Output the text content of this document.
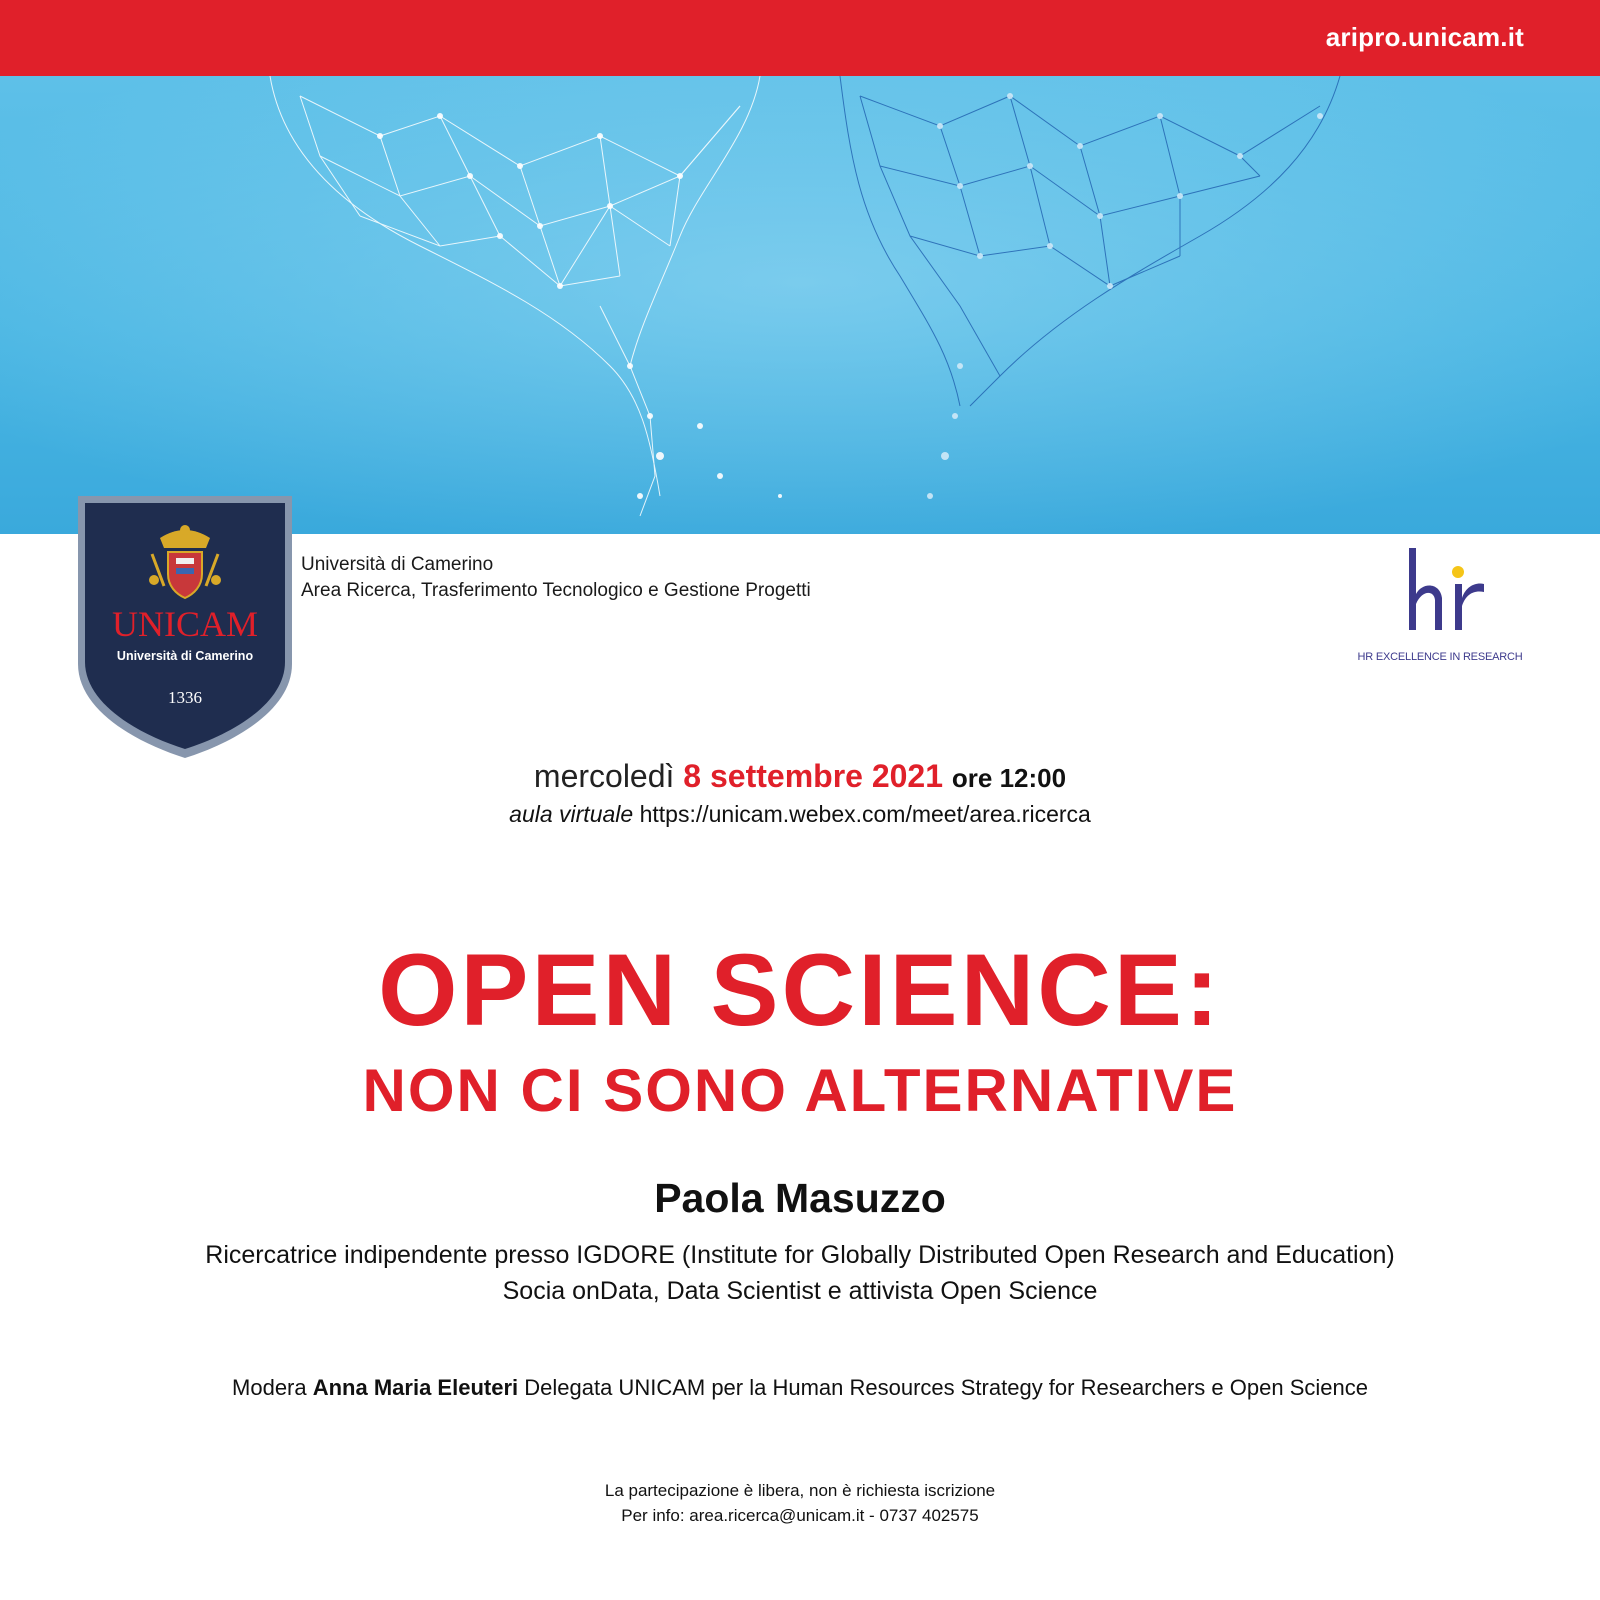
aripro.unicam.it
UNICAM
Università di Camerino
1336
Università di Camerino
Area Ricerca, Trasferimento Tecnologico e Gestione Progetti
HR EXCELLENCE IN RESEARCH
mercoledì 8 settembre 2021 ore 12:00
aula virtuale https://unicam.webex.com/meet/area.ricerca
OPEN SCIENCE:
NON CI SONO ALTERNATIVE
Paola Masuzzo
Ricercatrice indipendente presso IGDORE (Institute for Globally Distributed Open Research and Education)
Socia onData, Data Scientist e attivista Open Science
Modera Anna Maria Eleuteri Delegata UNICAM per la Human Resources Strategy for Researchers e Open Science
La partecipazione è libera, non è richiesta iscrizione
Per info: area.ricerca@unicam.it - 0737 402575
